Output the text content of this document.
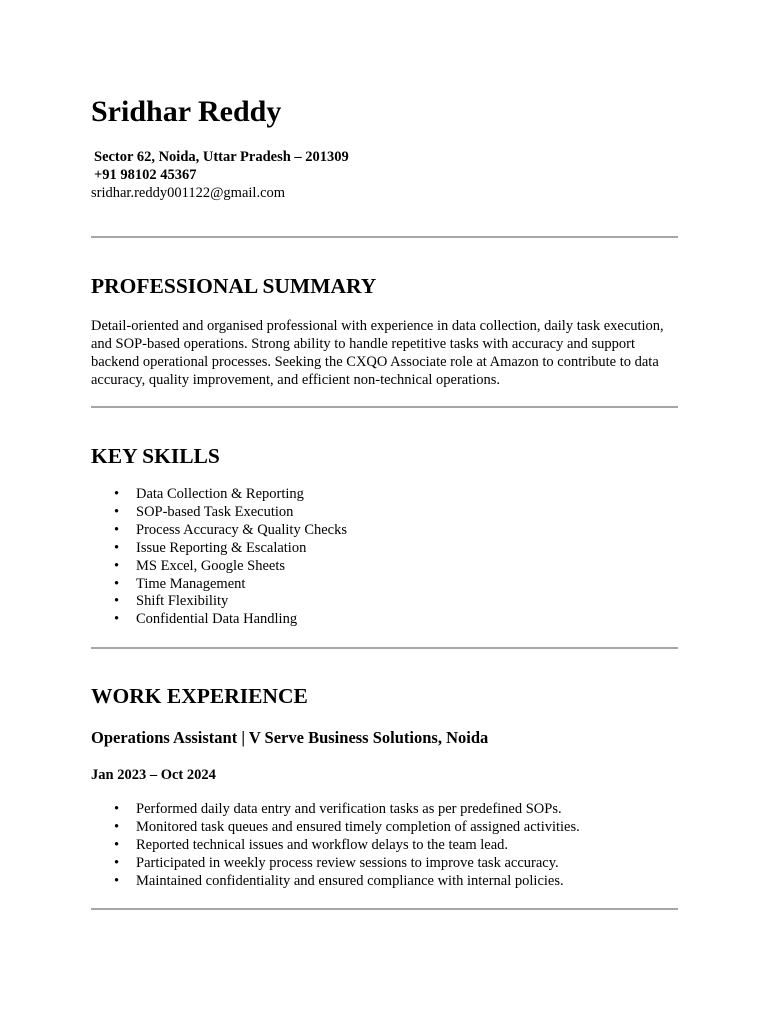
Sridhar Reddy
Sector 62, Noida, Uttar Pradesh – 201309
+91 98102 45367
sridhar.reddy001122@gmail.com
PROFESSIONAL SUMMARY

Detail-oriented and organised professional with experience in data collection, daily task execution, and SOP-based operations. Strong ability to handle repetitive tasks with accuracy and support backend operational processes. Seeking the CXQO Associate role at Amazon to contribute to data accuracy, quality improvement, and efficient non-technical operations.

KEY SKILLS
• Data Collection & Reporting
• SOP-based Task Execution
• Process Accuracy & Quality Checks
• Issue Reporting & Escalation
• MS Excel, Google Sheets
• Time Management
• Shift Flexibility
• Confidential Data Handling
WORK EXPERIENCE
Operations Assistant | V Serve Business Solutions, Noida

Jan 2023 – Oct 2024

• Performed daily data entry and verification tasks as per predefined SOPs.
• Monitored task queues and ensured timely completion of assigned activities.
• Reported technical issues and workflow delays to the team lead.
• Participated in weekly process review sessions to improve task accuracy.
• Maintained confidentiality and ensured compliance with internal policies.
